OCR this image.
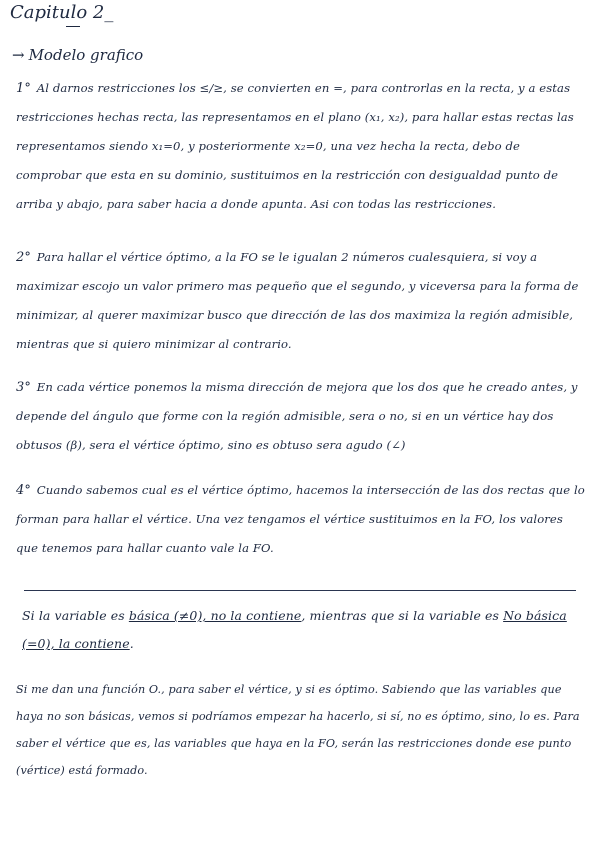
Capitulo 2_
→ Modelo grafico
1° Al darnos restricciones los ≤/≥, se convierten en =, para controrlas en la recta, y a estas restricciones hechas recta, las representamos en el plano (x₁, x₂), para hallar estas rectas las representamos siendo x₁=0, y posteriormente x₂=0, una vez hecha la recta, debo de comprobar que esta en su dominio, sustituimos en la restricción con desigualdad punto de arriba y abajo, para saber hacia a donde apunta. Asi con todas las restricciones.
2° Para hallar el vértice óptimo, a la FO se le igualan 2 números cualesquiera, si voy a maximizar escojo un valor primero mas pequeño que el segundo, y viceversa para la forma de minimizar, al querer maximizar busco que dirección de las dos maximiza la región admisible, mientras que si quiero minimizar al contrario.
3° En cada vértice ponemos la misma dirección de mejora que los dos que he creado antes, y depende del ángulo que forme con la región admisible, sera o no, si en un vértice hay dos obtusos (β), sera el vértice óptimo, sino es obtuso sera agudo (∠)
4° Cuando sabemos cual es el vértice óptimo, hacemos la intersección de las dos rectas que lo forman para hallar el vértice. Una vez tengamos el vértice sustituimos en la FO, los valores que tenemos para hallar cuanto vale la FO.
Si la variable es básica (≠0), no la contiene, mientras que si la variable es No básica (=0), la contiene.
Si me dan una función O., para saber el vértice, y si es óptimo. Sabiendo que las variables que haya no son básicas, vemos si podríamos empezar ha hacerlo, si sí, no es óptimo, sino, lo es. Para saber el vértice que es, las variables que haya en la FO, serán las restricciones donde ese punto (vértice) está formado.
